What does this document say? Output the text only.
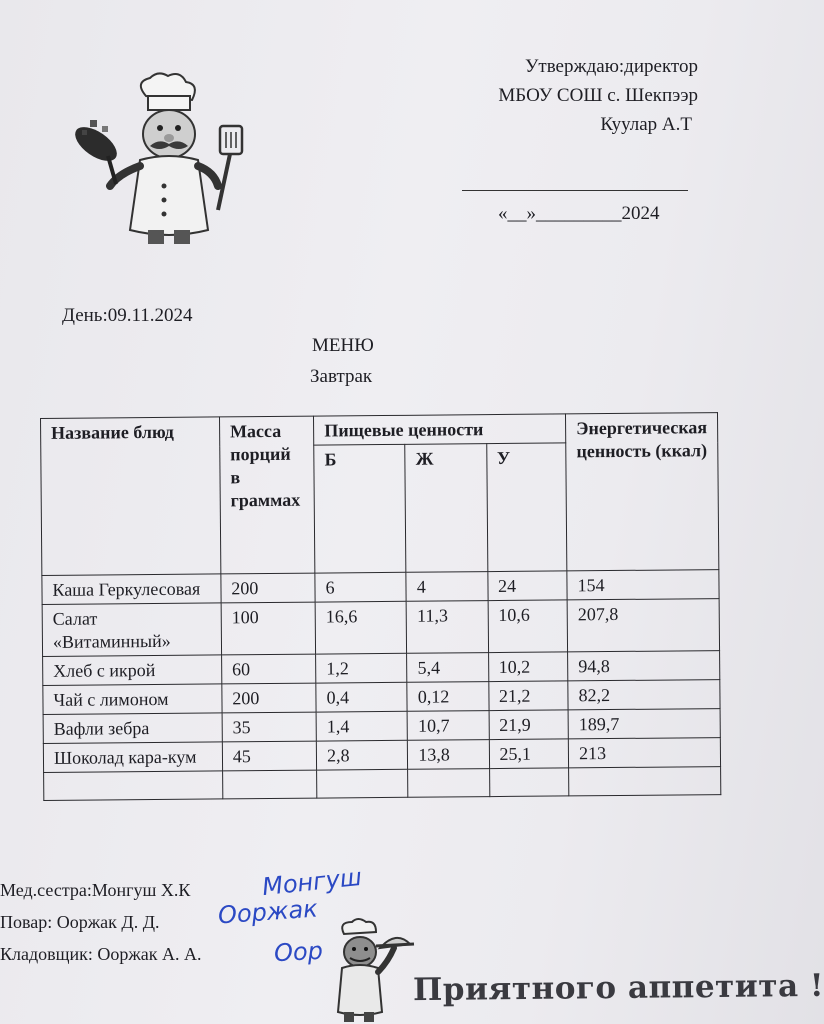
Утверждаю:директор
МБОУ СОШ с. Шекпээр
Куулар А.Т
«__»_________2024
День:09.11.2024
МЕНЮ
Завтрак
Название блюд	Масса порций в граммах	Пищевые ценности			Энергетическая ценность (ккал)
		Б	Ж	У	
Каша Геркулесовая	200	6	4	24	154
Салат «Витаминный»	100	16,6	11,3	10,6	207,8
Хлеб с икрой	60	1,2	5,4	10,2	94,8
Чай с лимоном	200	0,4	0,12	21,2	82,2
Вафли зебра	35	1,4	10,7	21,9	189,7
Шоколад кара-кум	45	2,8	13,8	25,1	213

Мед.сестра:Монгуш Х.К
Повар: Ооржак Д. Д.
Кладовщик: Ооржак А. А.
Монгуш
Ооржак
Оор
Приятного аппетита !
